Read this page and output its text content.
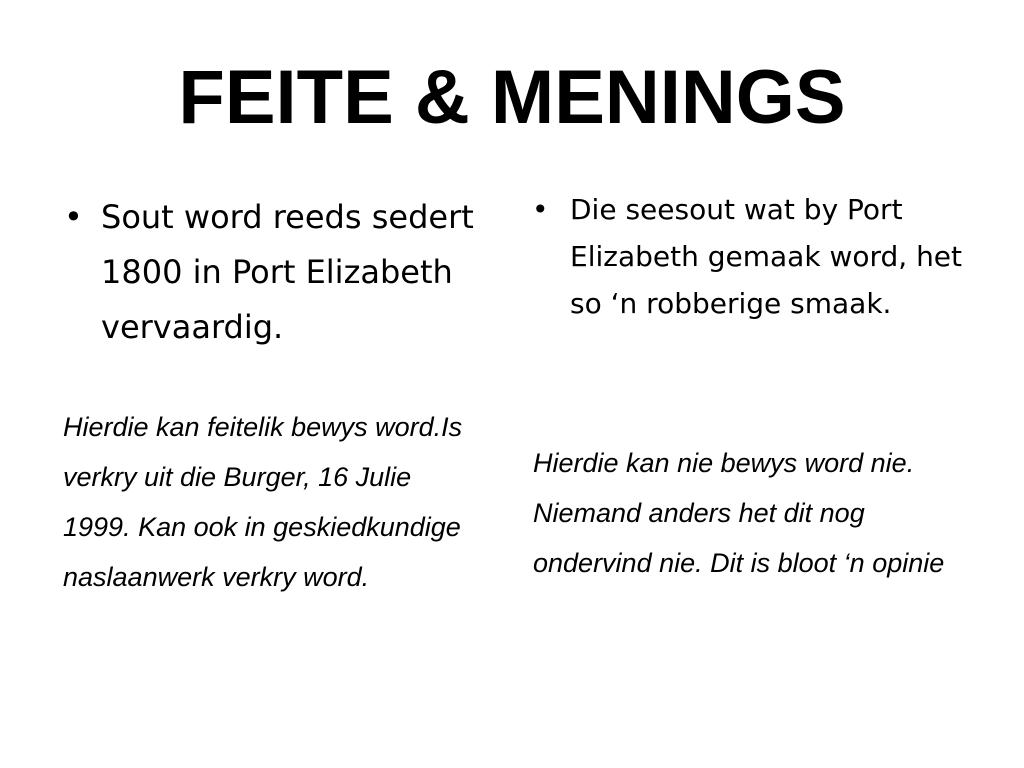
FEITE & MENINGS
• Sout word reeds sedert 1800 in Port Elizabeth vervaardig.

Hierdie kan feitelik bewys word.Is verkry uit die Burger, 16 Julie 1999. Kan ook in geskiedkundige naslaanwerk verkry word.

• Die seesout wat by Port Elizabeth gemaak word, het so ‘n robberige smaak.

Hierdie kan nie bewys word nie. Niemand anders het dit nog ondervind nie. Dit is bloot ‘n opinie
